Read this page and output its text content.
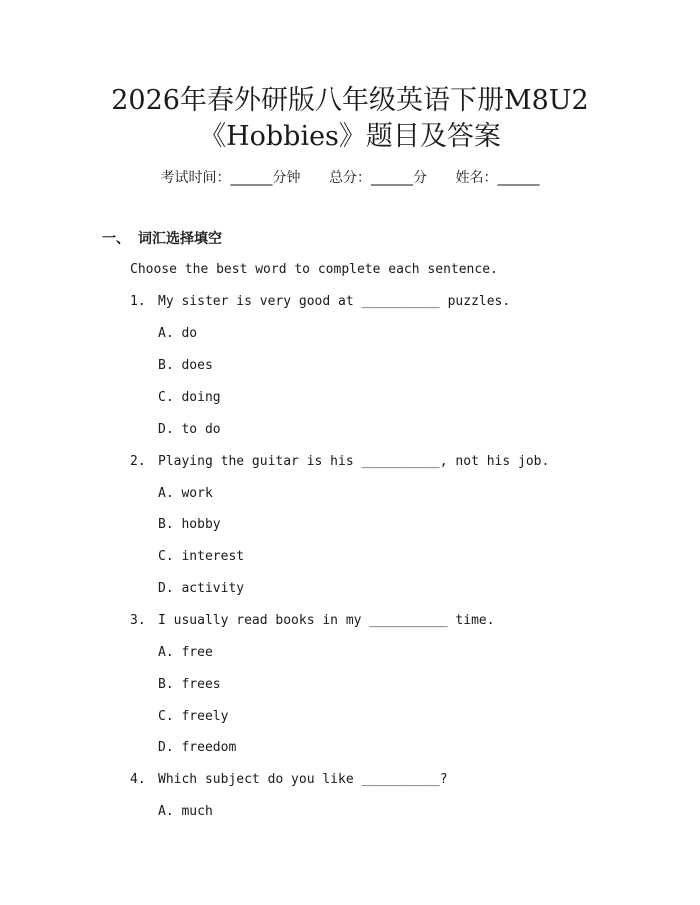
2026年春外研版八年级英语下册M8U2
《Hobbies》题目及答案
考试时间：______分钟 总分：______分 姓名：______
一、 词汇选择填空
Choose the best word to complete each sentence.
1. My sister is very good at __________ puzzles.
A. do
B. does
C. doing
D. to do
2. Playing the guitar is his __________, not his job.
A. work
B. hobby
C. interest
D. activity
3. I usually read books in my __________ time.
A. free
B. frees
C. freely
D. freedom
4. Which subject do you like __________?
A. much
